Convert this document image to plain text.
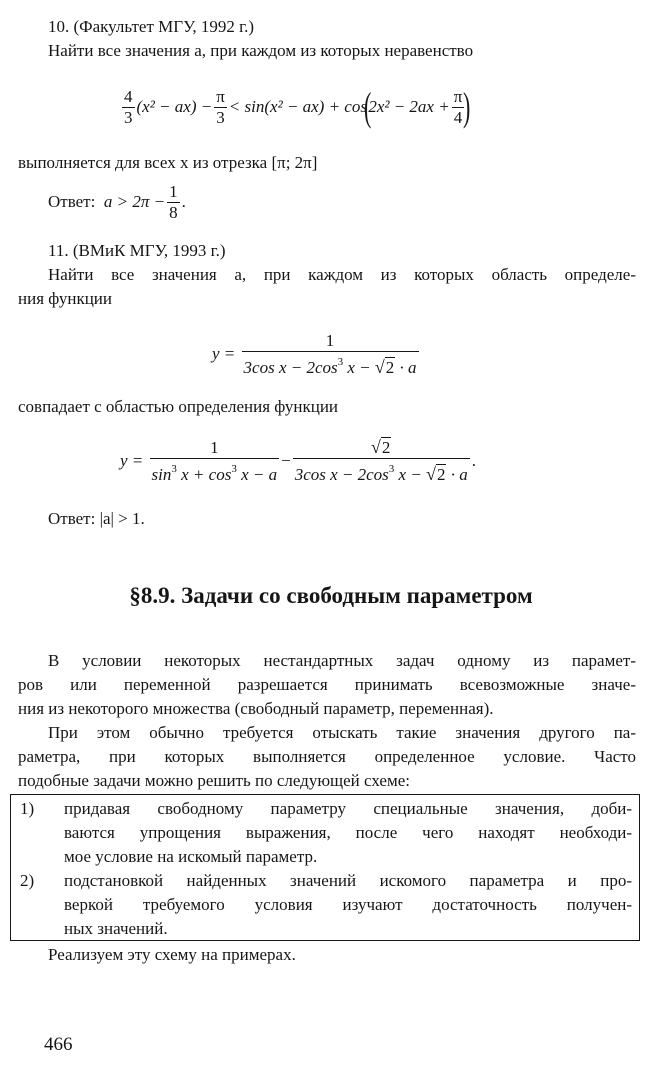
10. (Факультет МГУ, 1992 г.)
Найти все значения a, при каждом из которых неравенство
$\frac{4}{3} (x^2 - ax) - \frac{\pi}{3} < \sin(x^2 - ax) + \cos$
(
$2x^2 - 2ax + \frac{\pi}{4}$
)
выполняется для всех x из отрезка [π; 2π]
Ответ:
$a > 2\pi - \frac{1}{8}$ .
11. (ВМиК МГУ, 1993 г.)
Найти все значения a, при каждом из которых область определе-
ния функции
y =
$\frac{1}{3\cos x - 2\cos^3 x - √ 2 \cdot a}$
совпадает с областью определения функции
y =
$\frac{1}{\sin^3 x + \cos^3 x - a} - \frac{√ 2}{3\cos x - 2\cos^3 x - √ 2 \cdot a}$ .
Ответ: |a| > 1.
§8.9. Задачи со свободным параметром
В условии некоторых нестандартных задач одному из парамет-
ров или переменной разрешается принимать всевозможные значе-
ния из некоторого множества (свободный параметр, переменная).
При этом обычно требуется отыскать такие значения другого па-
раметра, при которых выполняется определенное условие. Часто
подобные задачи можно решить по следующей схеме:
1) придавая свободному параметру специальные значения, доби-
ваются упрощения выражения, после чего находят необходи-
мое условие на искомый параметр.
2) подстановкой найденных значений искомого параметра и про-
веркой требуемого условия изучают достаточность получен-
ных значений.
Реализуем эту схему на примерах.
466
